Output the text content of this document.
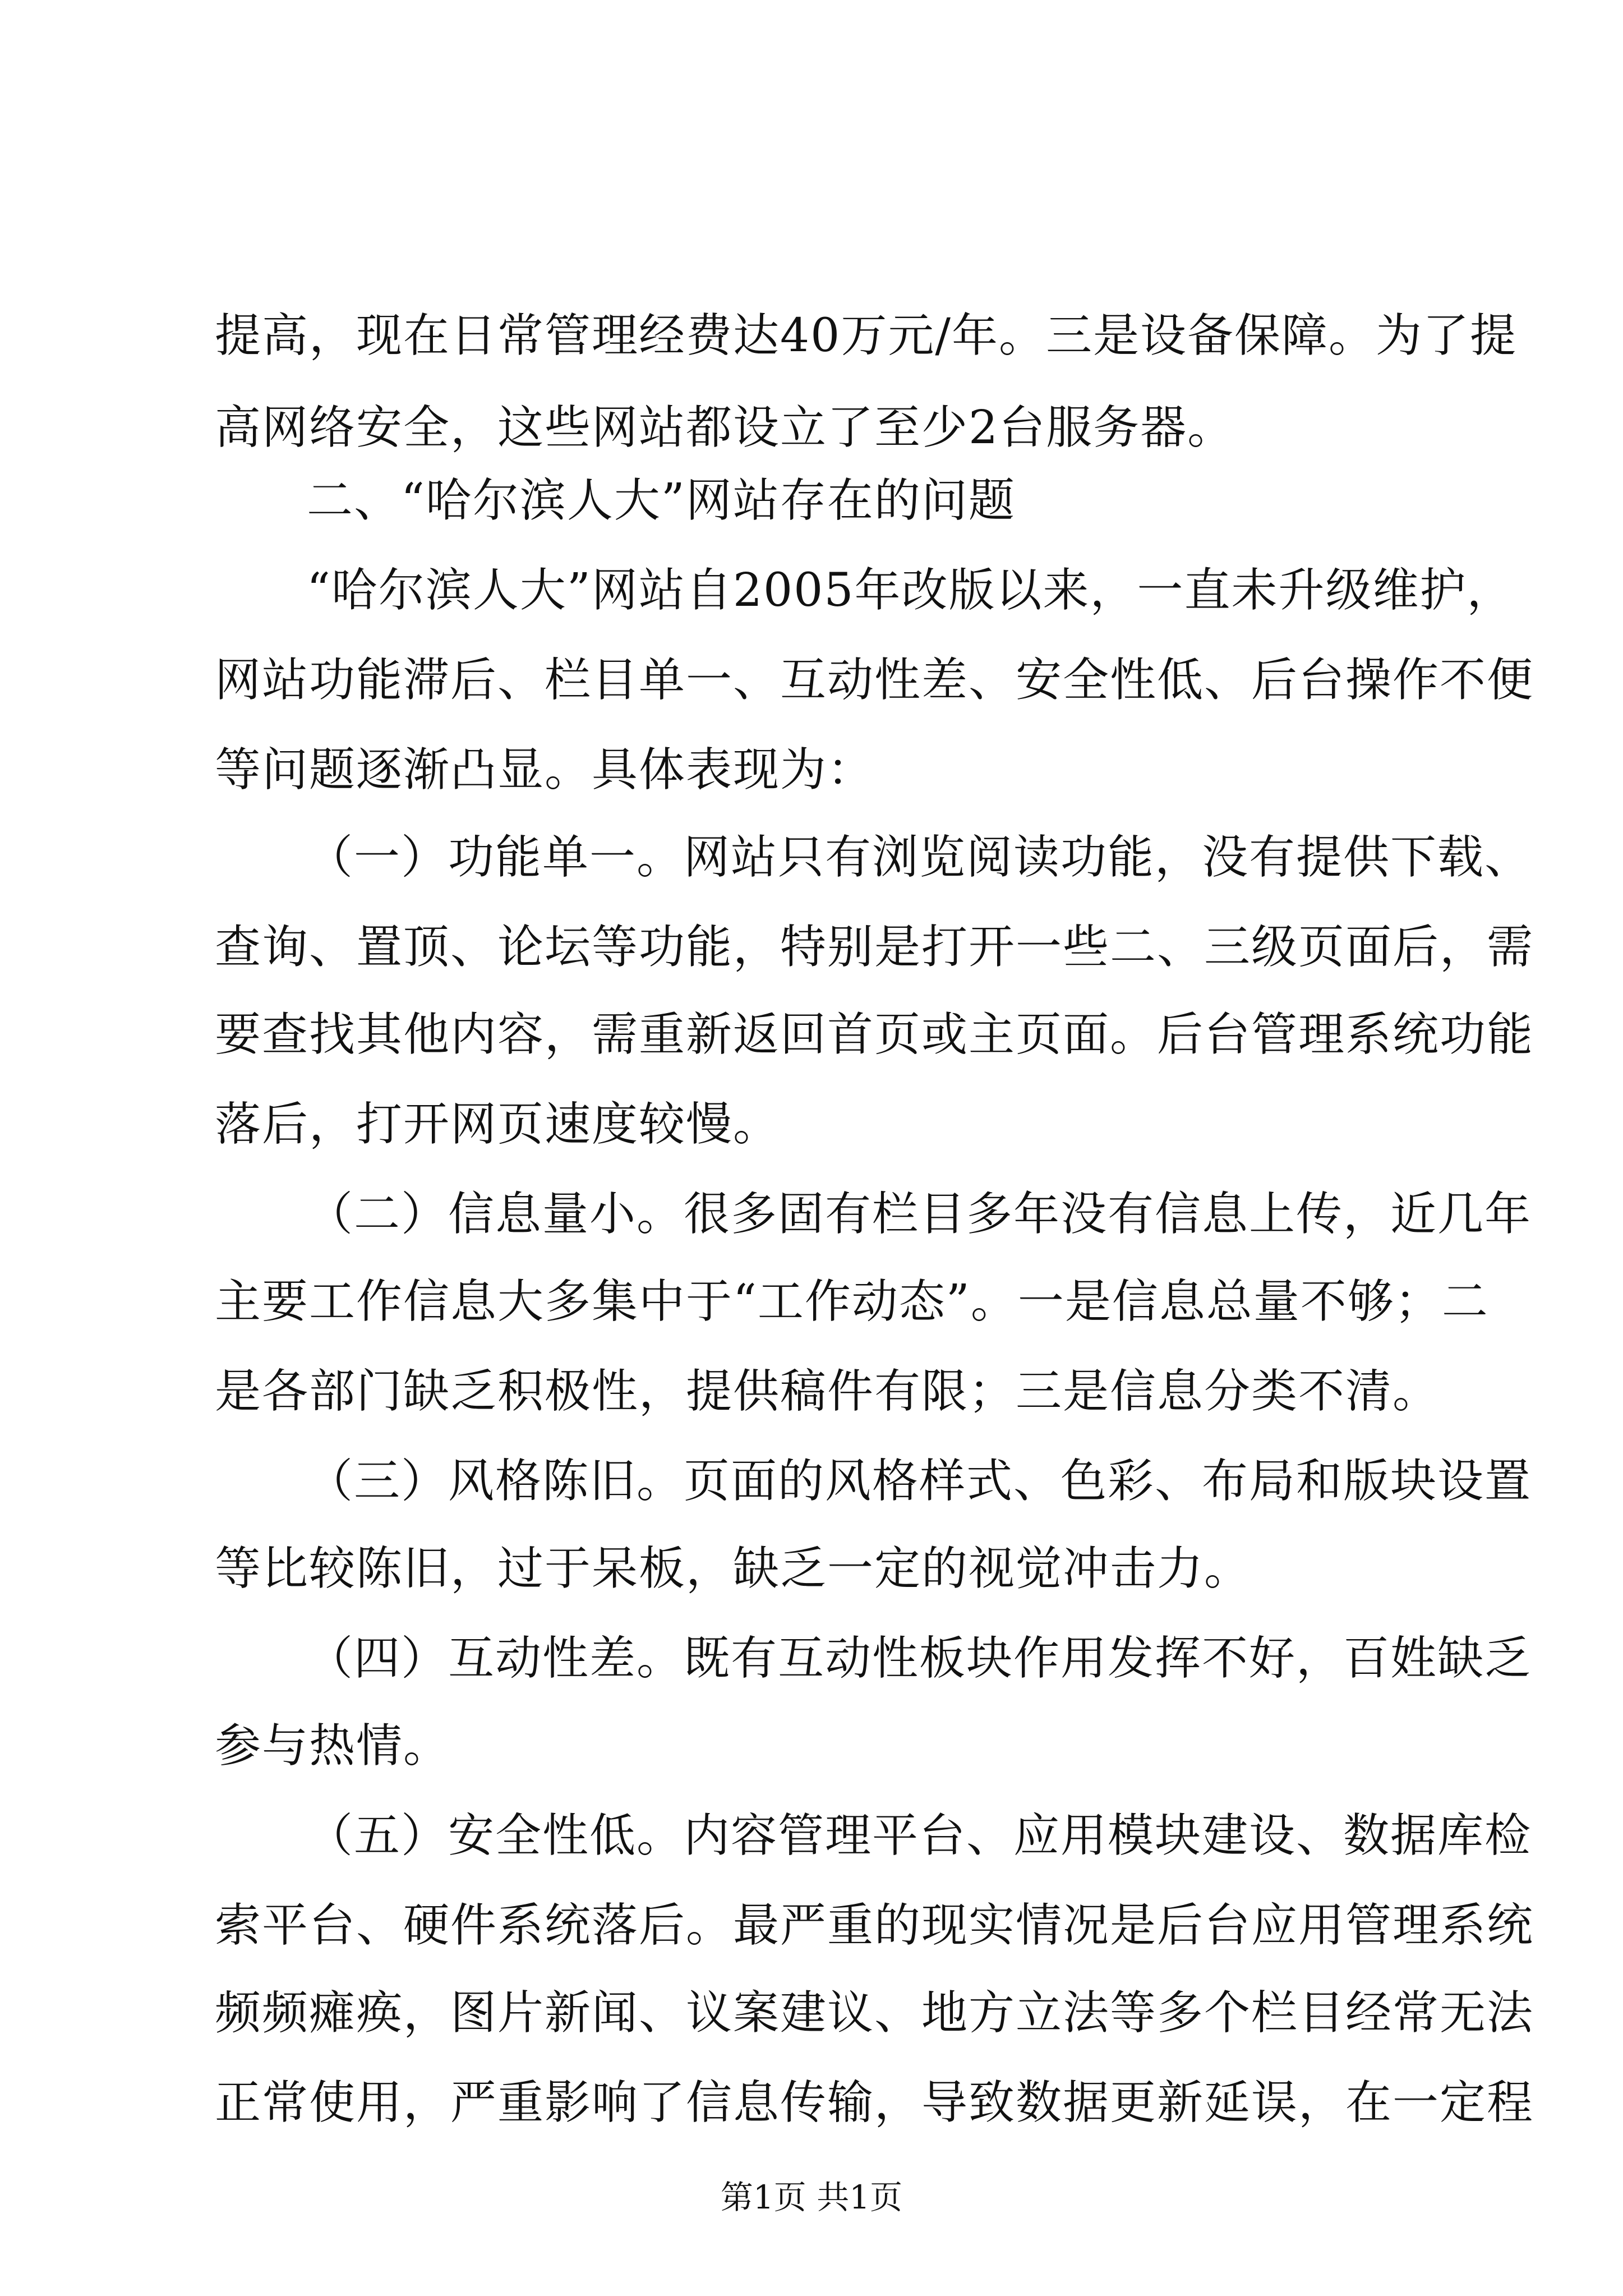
提高，现在日常管理经费达40万元/年。三是设备保障。为了提
高网络安全，这些网站都设立了至少2台服务器。
二、“哈尔滨人大”网站存在的问题
“哈尔滨人大”网站自2005年改版以来，一直未升级维护，
网站功能滞后、栏目单一、互动性差、安全性低、后台操作不便
等问题逐渐凸显。具体表现为：
（一）功能单一。网站只有浏览阅读功能，没有提供下载、
查询、置顶、论坛等功能，特别是打开一些二、三级页面后，需
要查找其他内容，需重新返回首页或主页面。后台管理系统功能
落后，打开网页速度较慢。
（二）信息量小。很多固有栏目多年没有信息上传，近几年
主要工作信息大多集中于“工作动态”。一是信息总量不够；二
是各部门缺乏积极性，提供稿件有限；三是信息分类不清。
（三）风格陈旧。页面的风格样式、色彩、布局和版块设置
等比较陈旧，过于呆板，缺乏一定的视觉冲击力。
（四）互动性差。既有互动性板块作用发挥不好，百姓缺乏
参与热情。
（五）安全性低。内容管理平台、应用模块建设、数据库检
索平台、硬件系统落后。最严重的现实情况是后台应用管理系统
频频瘫痪，图片新闻、议案建议、地方立法等多个栏目经常无法
正常使用，严重影响了信息传输，导致数据更新延误，在一定程
第1页 共1页
